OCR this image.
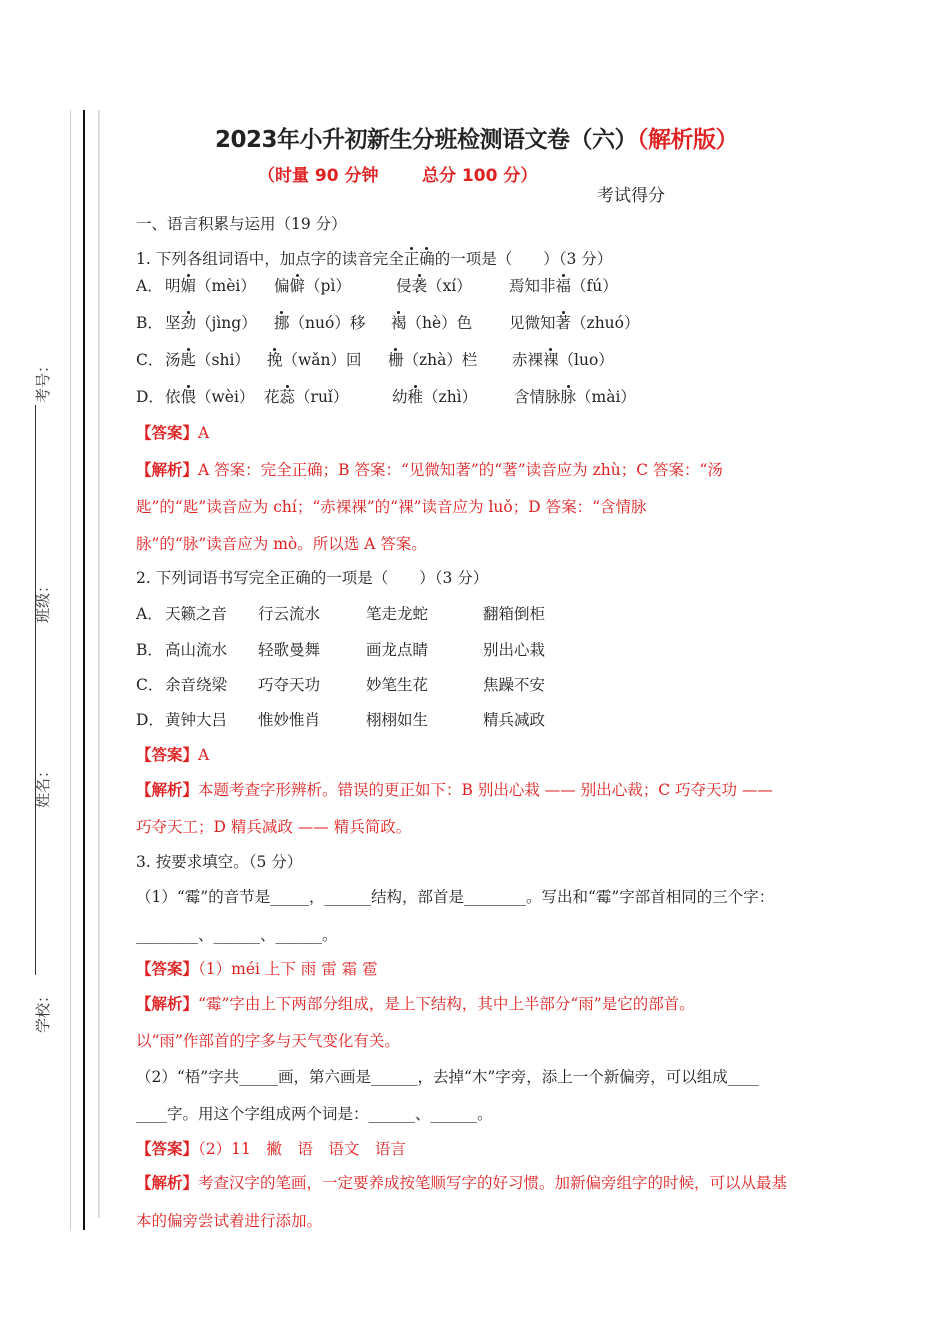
考号：
班级：
姓名：
学校：
2023年小升初新生分班检测语文卷（六）（解析版）
（时量 90 分钟	总分 100 分）
考试得分
一、语言积累与运用（19 分）
1. 下列各组词语中，加点字的读音完全正确的一项是（　　）（3 分）
A． 明媚（mèi） 偏僻（pì）	侵袭（xí） 焉知非福（fú）
B． 坚劲（jìng） 挪（nuó）移 褐（hè）色 见微知著（zhuó）
C． 汤匙（shi） 挽（wǎn）回 栅（zhà）栏 赤裸裸（luo）
D． 依偎（wèi） 花蕊（ruǐ）	幼稚（zhì） 含情脉脉（mài）
【答案】A
【解析】A 答案：完全正确；B 答案：“见微知著”的“著”读音应为 zhù；C 答案：“汤
匙”的“匙”读音应为 chí；“赤裸裸”的“裸”读音应为 luǒ；D 答案：“含情脉
脉”的“脉”读音应为 mò。所以选 A 答案。
2. 下列词语书写完全正确的一项是（　　）（3 分）
A． 天籁之音 行云流水	笔走龙蛇	翻箱倒柜
B． 高山流水 轻歌曼舞	画龙点睛	别出心栽
C． 余音绕梁 巧夺天功	妙笔生花	焦躁不安
D． 黄钟大吕 惟妙惟肖	栩栩如生	精兵减政
【答案】A
【解析】本题考查字形辨析。错误的更正如下：B 别出心栽 —— 别出心裁；C 巧夺天功 ——
巧夺天工；D 精兵减政 —— 精兵简政。
3. 按要求填空。（5 分）
（1）“霉”的音节是_____，______结构，部首是________。写出和“霉”字部首相同的三个字：
________、______、______。
【答案】（1）méi 上下 雨 雷 霜 雹
【解析】“霉”字由上下两部分组成，是上下结构，其中上半部分“雨”是它的部首。
以“雨”作部首的字多与天气变化有关。
（2）“梧”字共_____画，第六画是______，去掉“木”字旁，添上一个新偏旁，可以组成____
____字。用这个字组成两个词是：______、______。
【答案】（2）11　撇　语　语文　语言
【解析】考查汉字的笔画，一定要养成按笔顺写字的好习惯。加新偏旁组字的时候，可以从最基
本的偏旁尝试着进行添加。
